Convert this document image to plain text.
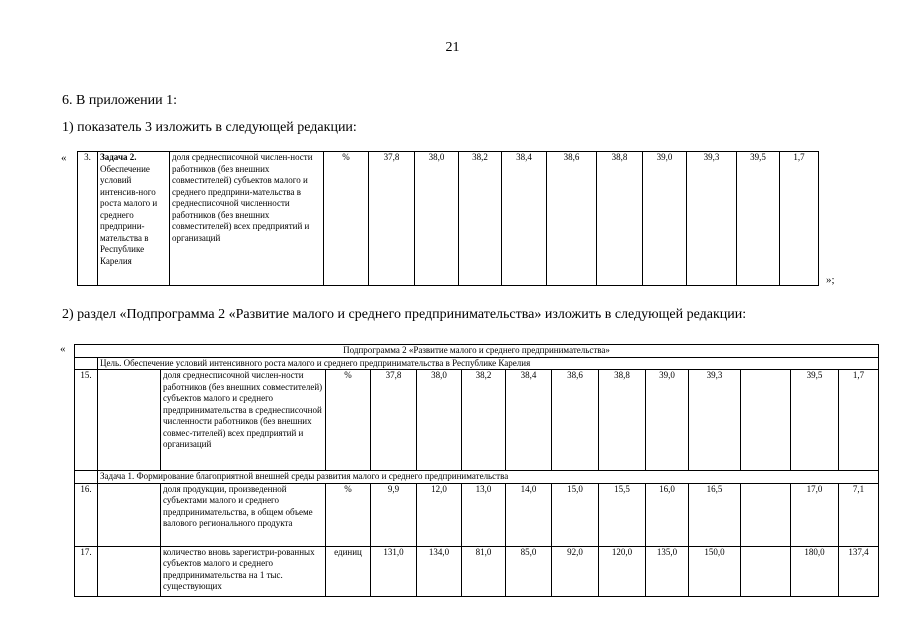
21
6. В приложении 1:
1) показатель 3 изложить в следующей редакции:
« 3.	Задача 2.
Обеспечение условий интенсив-ного роста малого и среднего предприни-мательства в Республике Карелия	доля среднесписочной числен-ности работников (без внешних совместителей) субъектов малого и среднего предприни-мательства в среднесписочной численности работников (без внешних совместителей) всех предприятий и организаций	%	37,8	38,0	38,2	38,4	38,6	38,8	39,0	39,3	39,5	1,7
»;
2) раздел «Подпрограмма 2 «Развитие малого и среднего предпринимательства» изложить в следующей редакции:
«	Подпрограмма 2 «Развитие малого и среднего предпринимательства»														
	Цель. Обеспечение условий интенсивного роста малого и среднего предпринимательства в Республике Карелия													
15.		доля среднесписочной числен-ности работников (без внешних совместителей) субъектов малого и среднего предпринимательства в среднесписочной численности работников (без внешних совмес-тителей) всех предприятий и организаций	%	37,8	38,0	38,2	38,4	38,6	38,8	39,0	39,3		39,5	1,7
	Задача 1. Формирование благоприятной внешней среды развития малого и среднего предпринимательства													
16.		доля продукции, произведенной субъектами малого и среднего предпринимательства, в общем объеме валового регионального продукта	%	9,9	12,0	13,0	14,0	15,0	15,5	16,0	16,5		17,0	7,1
17.		количество вновь зарегистри-рованных субъектов малого и среднего предпринимательства на 1 тыс. существующих	единиц	131,0	134,0	81,0	85,0	92,0	120,0	135,0	150,0		180,0	137,4
